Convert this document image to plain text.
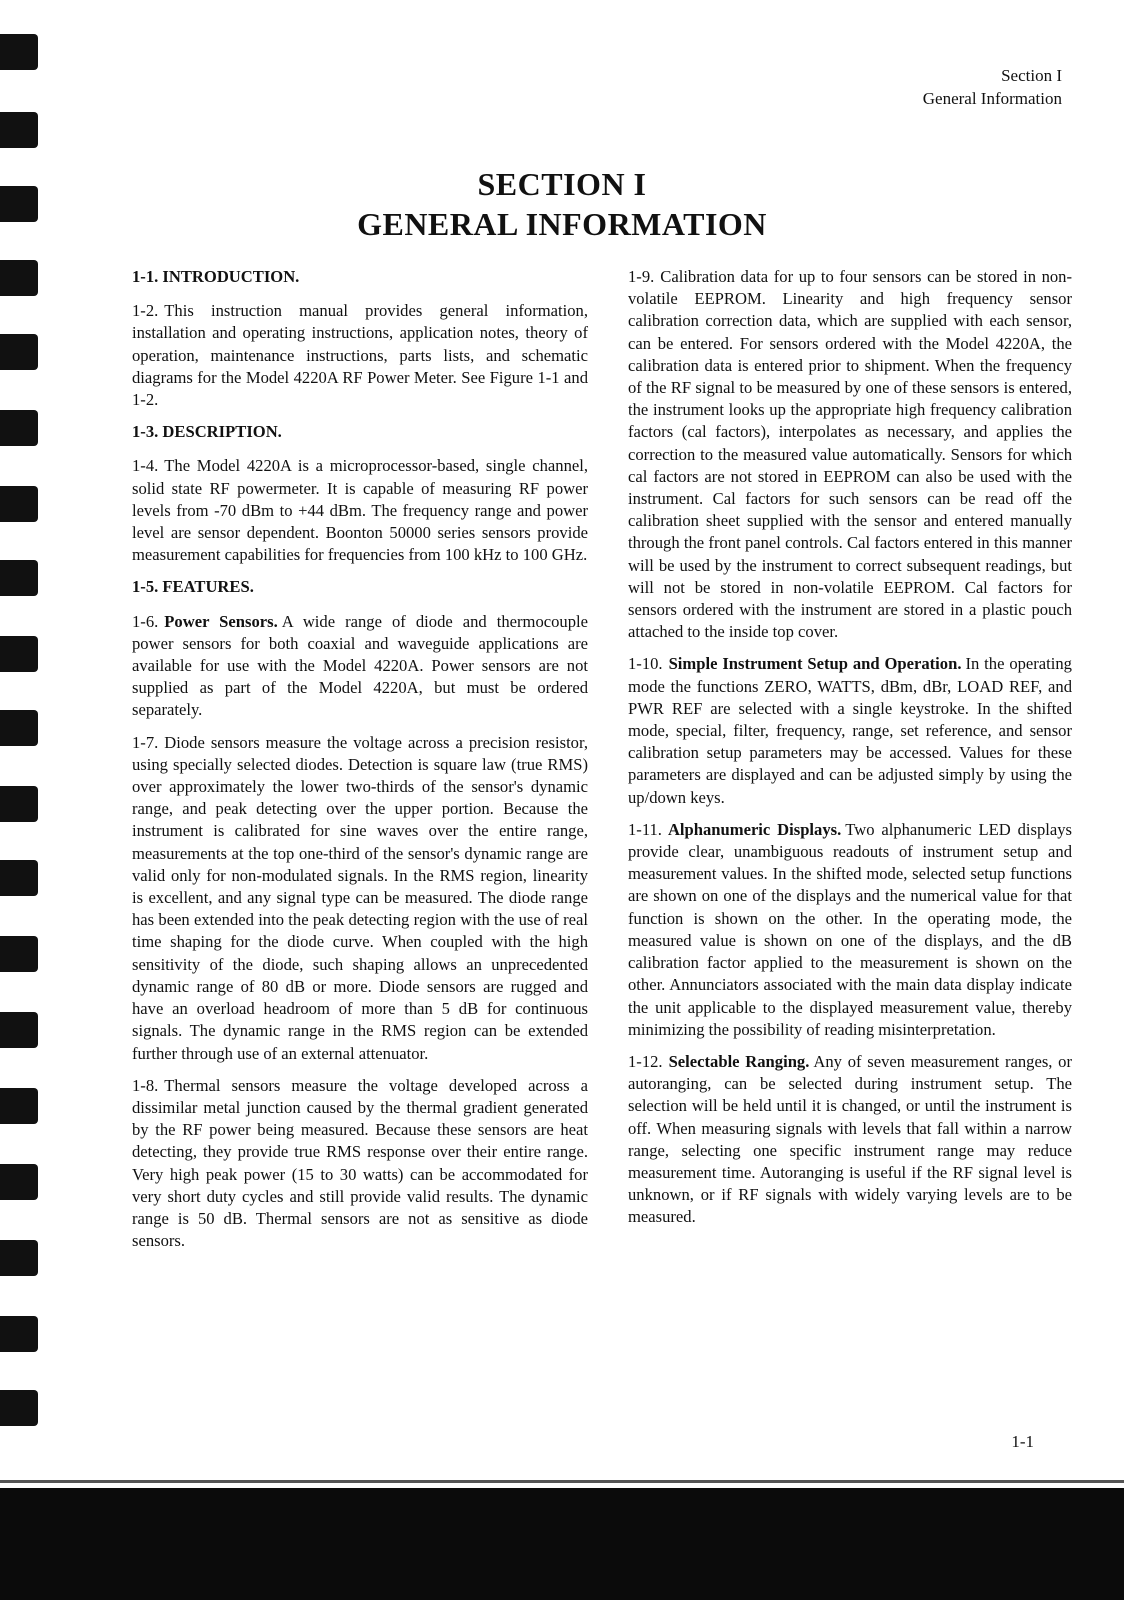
Section I
General Information
SECTION I
GENERAL INFORMATION
1-1. INTRODUCTION.

1-2. This instruction manual provides general information, installation and operating instructions, application notes, theory of operation, maintenance instructions, parts lists, and schematic diagrams for the Model 4220A RF Power Meter. See Figure 1-1 and 1-2.

1-3. DESCRIPTION.

1-4. The Model 4220A is a microprocessor-based, single channel, solid state RF powermeter. It is capable of measuring RF power levels from -70 dBm to +44 dBm. The frequency range and power level are sensor dependent. Boonton 50000 series sensors provide measurement capabilities for frequencies from 100 kHz to 100 GHz.

1-5. FEATURES.

1-6. Power Sensors. A wide range of diode and thermocouple power sensors for both coaxial and waveguide applications are available for use with the Model 4220A. Power sensors are not supplied as part of the Model 4220A, but must be ordered separately.

1-7. Diode sensors measure the voltage across a precision resistor, using specially selected diodes. Detection is square law (true RMS) over approximately the lower two-thirds of the sensor's dynamic range, and peak detecting over the upper portion. Because the instrument is calibrated for sine waves over the entire range, measurements at the top one-third of the sensor's dynamic range are valid only for non-modulated signals. In the RMS region, linearity is excellent, and any signal type can be measured. The diode range has been extended into the peak detecting region with the use of real time shaping for the diode curve. When coupled with the high sensitivity of the diode, such shaping allows an unprecedented dynamic range of 80 dB or more. Diode sensors are rugged and have an overload headroom of more than 5 dB for continuous signals. The dynamic range in the RMS region can be extended further through use of an external attenuator.

1-8. Thermal sensors measure the voltage developed across a dissimilar metal junction caused by the thermal gradient generated by the RF power being measured. Because these sensors are heat detecting, they provide true RMS response over their entire range. Very high peak power (15 to 30 watts) can be accommodated for very short duty cycles and still provide valid results. The dynamic range is 50 dB. Thermal sensors are not as sensitive as diode sensors.

1-9. Calibration data for up to four sensors can be stored in non-volatile EEPROM. Linearity and high frequency sensor calibration correction data, which are supplied with each sensor, can be entered. For sensors ordered with the Model 4220A, the calibration data is entered prior to shipment. When the frequency of the RF signal to be measured by one of these sensors is entered, the instrument looks up the appropriate high frequency calibration factors (cal factors), interpolates as necessary, and applies the correction to the measured value automatically. Sensors for which cal factors are not stored in EEPROM can also be used with the instrument. Cal factors for such sensors can be read off the calibration sheet supplied with the sensor and entered manually through the front panel controls. Cal factors entered in this manner will be used by the instrument to correct subsequent readings, but will not be stored in non-volatile EEPROM. Cal factors for sensors ordered with the instrument are stored in a plastic pouch attached to the inside top cover.

1-10. Simple Instrument Setup and Operation. In the operating mode the functions ZERO, WATTS, dBm, dBr, LOAD REF, and PWR REF are selected with a single keystroke. In the shifted mode, special, filter, frequency, range, set reference, and sensor calibration setup parameters may be accessed. Values for these parameters are displayed and can be adjusted simply by using the up/down keys.

1-11. Alphanumeric Displays. Two alphanumeric LED displays provide clear, unambiguous readouts of instrument setup and measurement values. In the shifted mode, selected setup functions are shown on one of the displays and the numerical value for that function is shown on the other. In the operating mode, the measured value is shown on one of the displays, and the dB calibration factor applied to the measurement is shown on the other. Annunciators associated with the main data display indicate the unit applicable to the displayed measurement value, thereby minimizing the possibility of reading misinterpretation.

1-12. Selectable Ranging. Any of seven measurement ranges, or autoranging, can be selected during instrument setup. The selection will be held until it is changed, or until the instrument is off. When measuring signals with levels that fall within a narrow range, selecting one specific instrument range may reduce measurement time. Autoranging is useful if the RF signal level is unknown, or if RF signals with widely varying levels are to be measured.

1-1
